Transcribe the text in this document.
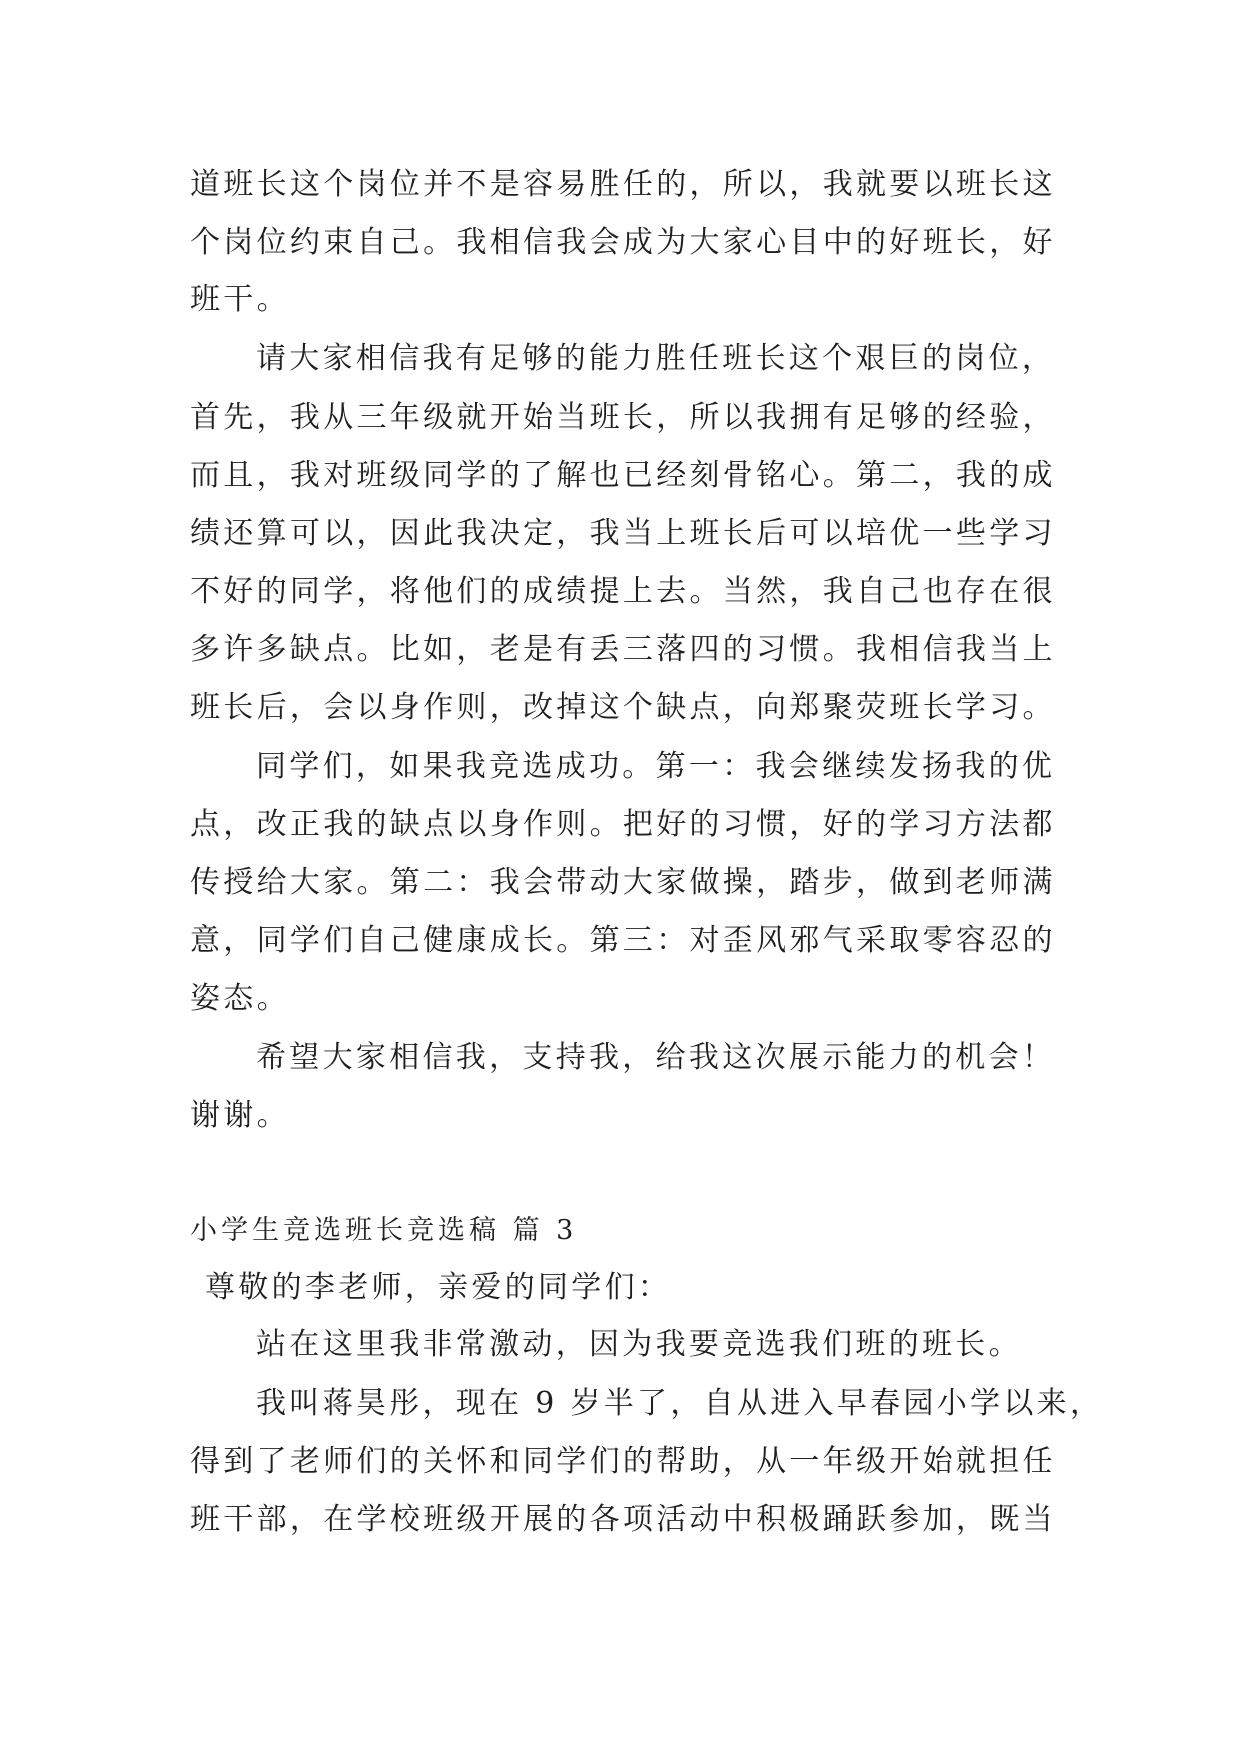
道班长这个岗位并不是容易胜任的，所以，我就要以班长这
个岗位约束自己。我相信我会成为大家心目中的好班长，好
班干。
请大家相信我有足够的能力胜任班长这个艰巨的岗位，
首先，我从三年级就开始当班长，所以我拥有足够的经验，
而且，我对班级同学的了解也已经刻骨铭心。第二，我的成
绩还算可以，因此我决定，我当上班长后可以培优一些学习
不好的同学，将他们的成绩提上去。当然，我自己也存在很
多许多缺点。比如，老是有丢三落四的习惯。我相信我当上
班长后，会以身作则，改掉这个缺点，向郑聚荧班长学习。
同学们，如果我竞选成功。第一：我会继续发扬我的优
点，改正我的缺点以身作则。把好的习惯，好的学习方法都
传授给大家。第二：我会带动大家做操，踏步，做到老师满
意，同学们自己健康成长。第三：对歪风邪气采取零容忍的
姿态。
希望大家相信我，支持我，给我这次展示能力的机会！
谢谢。
小学生竞选班长竞选稿 篇 3
尊敬的李老师，亲爱的同学们：
站在这里我非常激动，因为我要竞选我们班的班长。
我叫蒋昊彤，现在 9 岁半了，自从进入早春园小学以来，
得到了老师们的关怀和同学们的帮助，从一年级开始就担任
班干部，在学校班级开展的各项活动中积极踊跃参加，既当
